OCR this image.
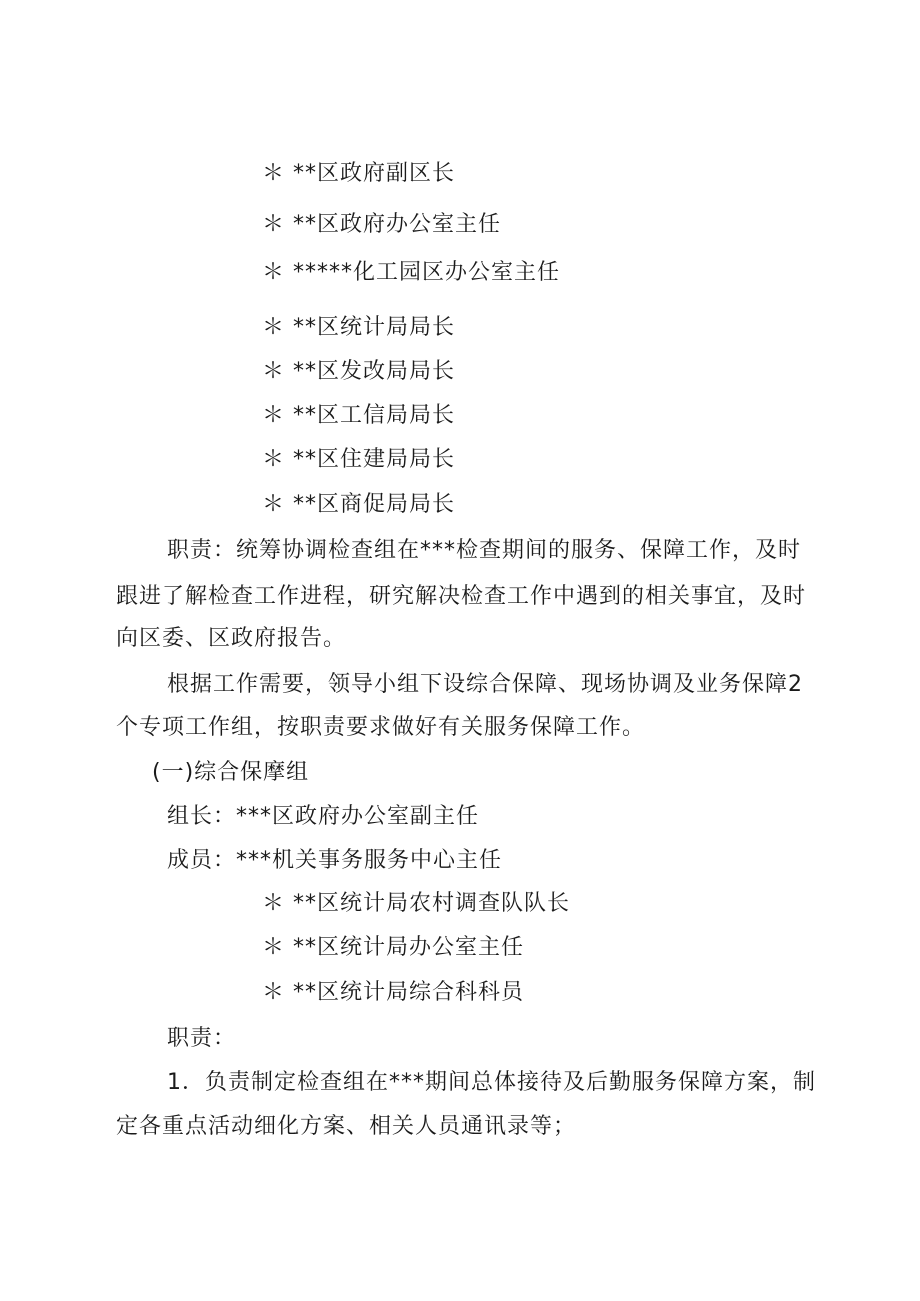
＊ **区政府副区长
＊ **区政府办公室主任
＊ *****化工园区办公室主任
＊ **区统计局局长
＊ **区发改局局长
＊ **区工信局局长
＊ **区住建局局长
＊ **区商促局局长
职责：统筹协调检查组在***检查期间的服务、保障工作，及时
跟进了解检查工作进程，研究解决检查工作中遇到的相关事宜，及时
向区委、区政府报告。
根据工作需要，领导小组下设综合保障、现场协调及业务保障2
个专项工作组，按职责要求做好有关服务保障工作。
(一)综合保摩组
组长：***区政府办公室副主任
成员：***机关事务服务中心主任
＊ **区统计局农村调查队队长
＊ **区统计局办公室主任
＊ **区统计局综合科科员
职责：
1．负责制定检查组在***期间总体接待及后勤服务保障方案，制
定各重点活动细化方案、相关人员通讯录等；
